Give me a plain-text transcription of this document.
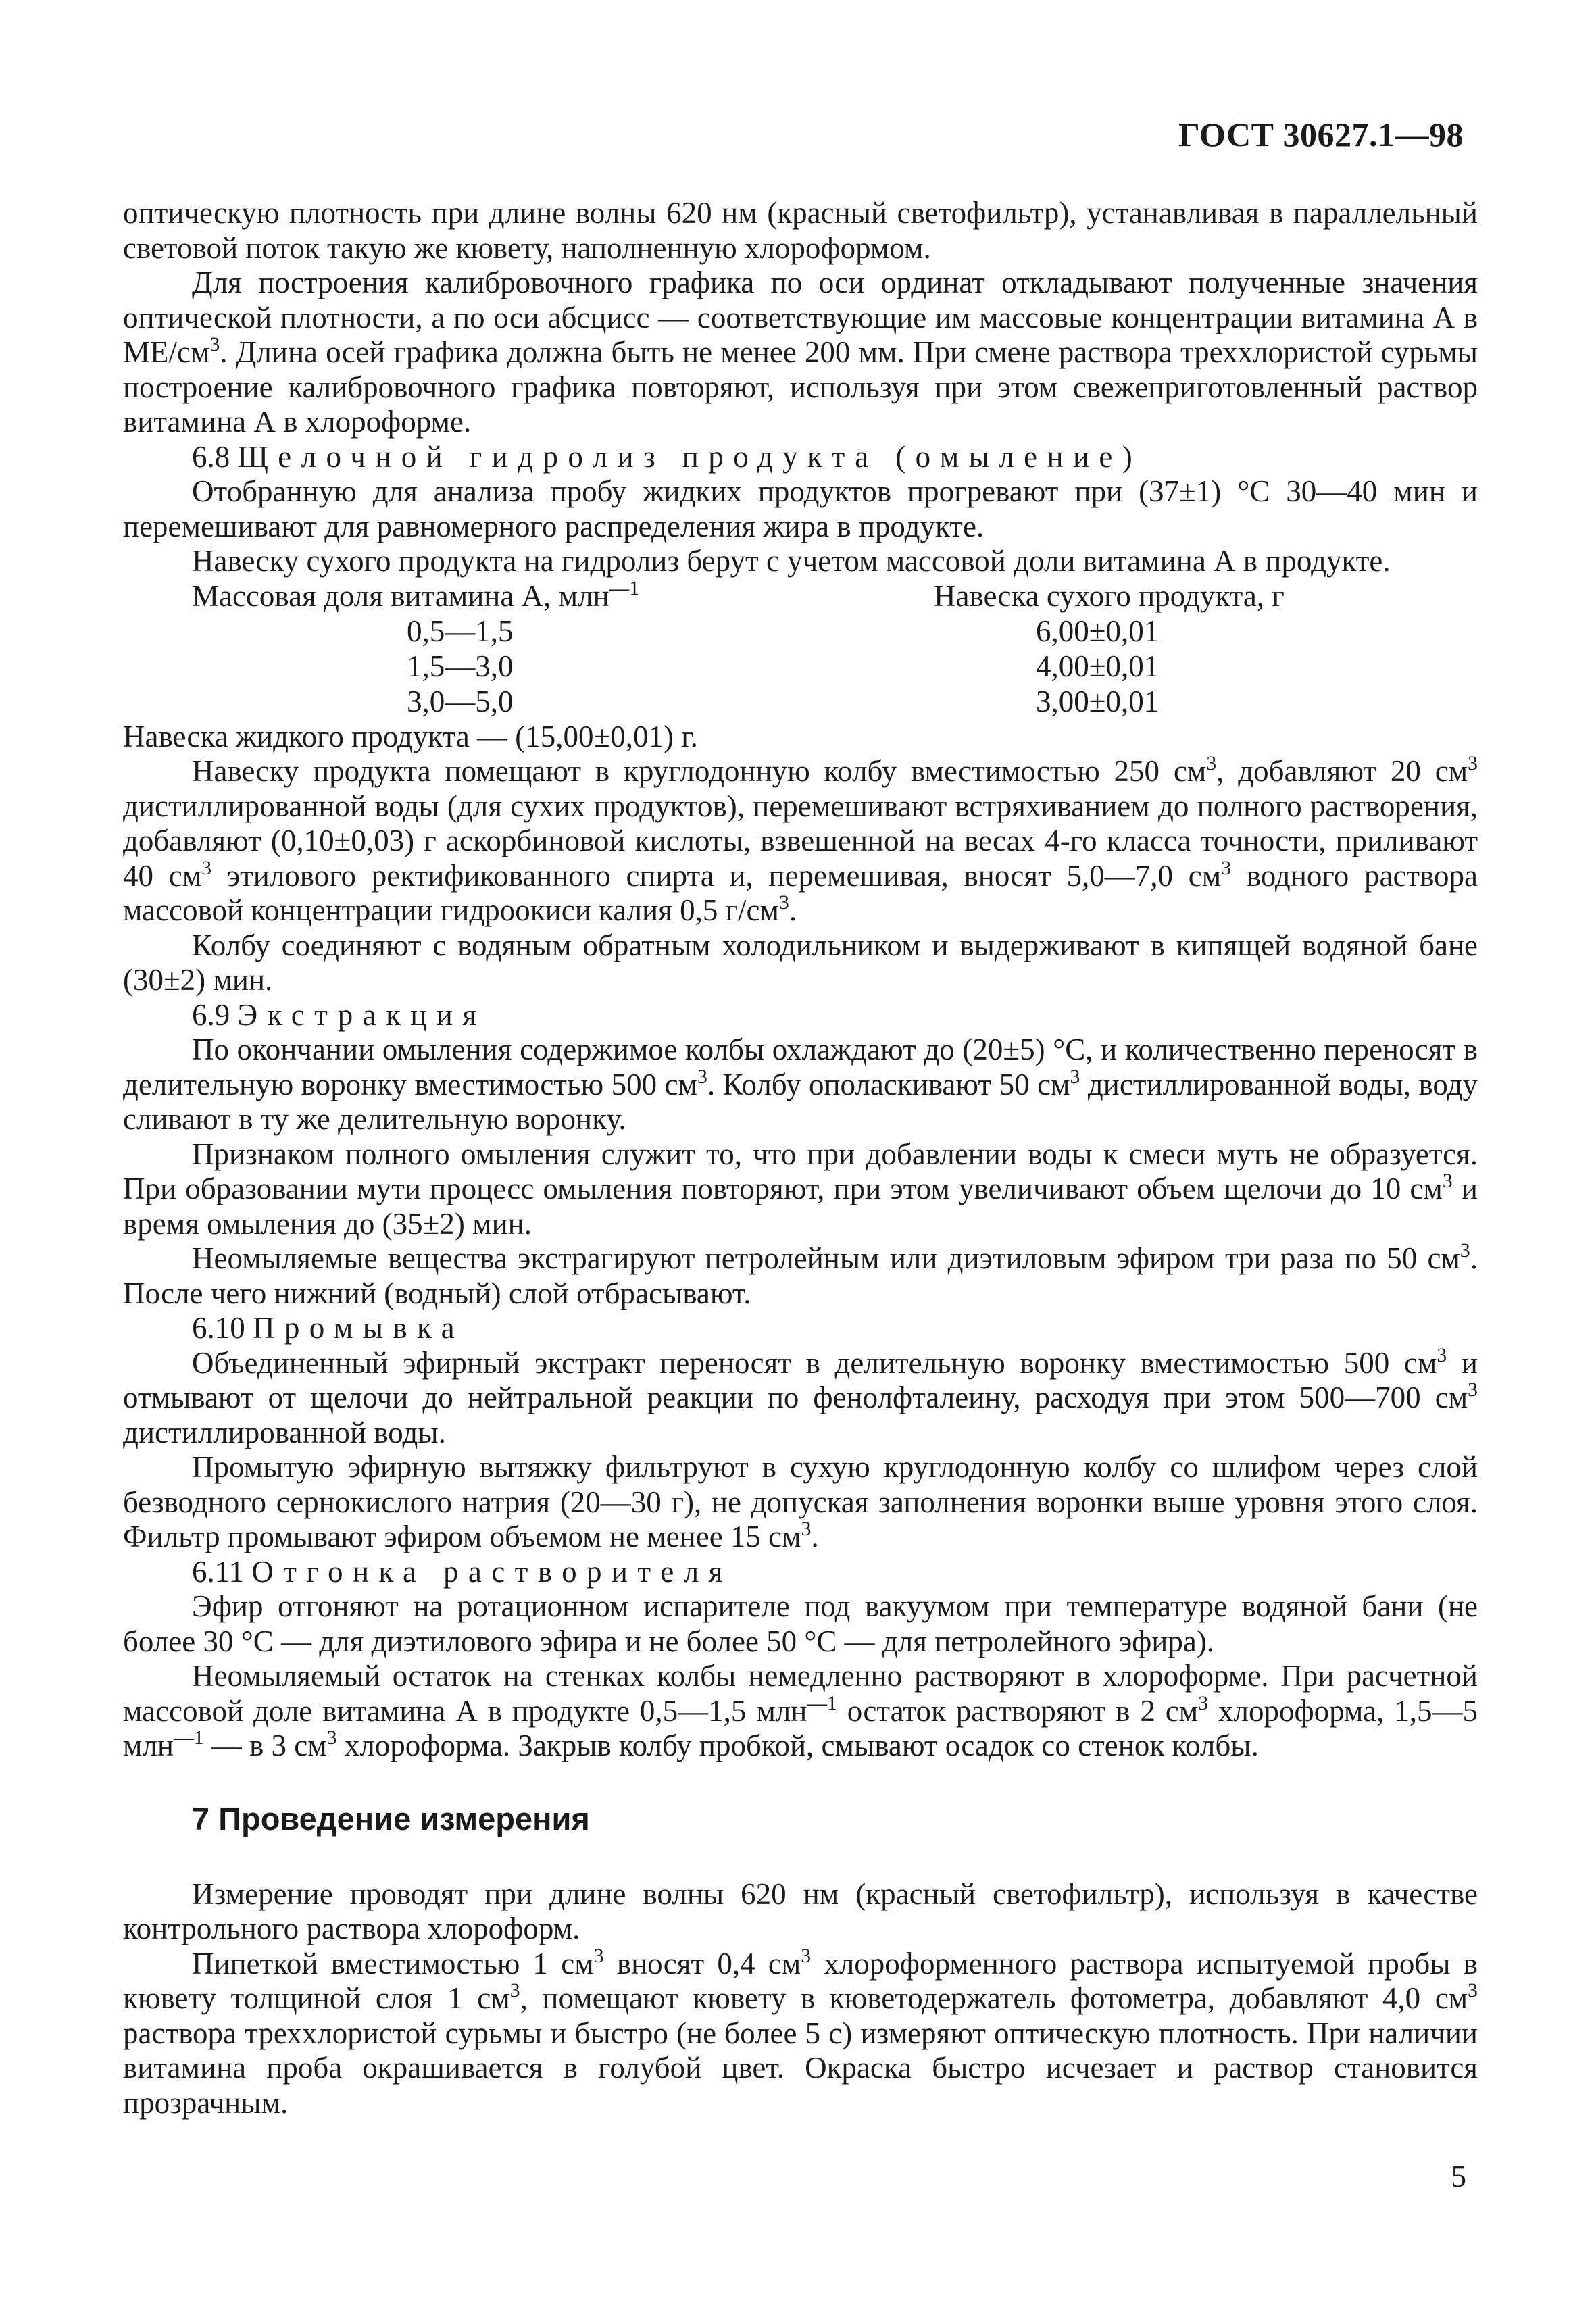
ГОСТ 30627.1—98

оптическую плотность при длине волны 620 нм (красный светофильтр), устанавливая в параллельный световой поток такую же кювету, наполненную хлороформом.

Для построения калибровочного графика по оси ординат откладывают полученные значения оптической плотности, а по оси абсцисс — соответствующие им массовые концентрации витамина А в $МЕ/см^3$. Длина осей графика должна быть не менее 200 мм. При смене раствора треххлористой сурьмы построение калибровочного графика повторяют, используя при этом свежеприготовленный раствор витамина А в хлороформе.

6.8 Щелочной гидролиз продукта (омыление)

Отобранную для анализа пробу жидких продуктов прогревают при (37±1) °С 30—40 мин и перемешивают для равномерного распределения жира в продукте.

Навеску сухого продукта на гидролиз берут с учетом массовой доли витамина А в продукте.

Массовая доля витамина А, млн$^{—1}$	Навеска сухого продукта, г
0,5—1,5	6,00±0,01
1,5—3,0	4,00±0,01
3,0—5,0	3,00±0,01

Навеска жидкого продукта — (15,00±0,01) г.

Навеску продукта помещают в круглодонную колбу вместимостью 250 $см^3$, добавляют 20 $см^3$ дистиллированной воды (для сухих продуктов), перемешивают встряхиванием до полного растворения, добавляют (0,10±0,03) г аскорбиновой кислоты, взвешенной на весах 4-го класса точности, приливают 40 $см^3$ этилового ректификованного спирта и, перемешивая, вносят 5,0—7,0 $см^3$ водного раствора массовой концентрации гидроокиси калия 0,5 $г/см^3$.

Колбу соединяют с водяным обратным холодильником и выдерживают в кипящей водяной бане (30±2) мин.

6.9 Экстракция

По окончании омыления содержимое колбы охлаждают до (20±5) °С, и количественно переносят в делительную воронку вместимостью 500 $см^3$. Колбу ополаскивают 50 $см^3$ дистиллированной воды, воду сливают в ту же делительную воронку.

Признаком полного омыления служит то, что при добавлении воды к смеси муть не образуется. При образовании мути процесс омыления повторяют, при этом увеличивают объем щелочи до 10 $см^3$ и время омыления до (35±2) мин.

Неомыляемые вещества экстрагируют петролейным или диэтиловым эфиром три раза по 50 $см^3$. После чего нижний (водный) слой отбрасывают.

6.10 Промывка

Объединенный эфирный экстракт переносят в делительную воронку вместимостью 500 $см^3$ и отмывают от щелочи до нейтральной реакции по фенолфталеину, расходуя при этом 500—700 $см^3$ дистиллированной воды.

Промытую эфирную вытяжку фильтруют в сухую круглодонную колбу со шлифом через слой безводного сернокислого натрия (20—30 г), не допуская заполнения воронки выше уровня этого слоя. Фильтр промывают эфиром объемом не менее 15 $см^3$.

6.11 Отгонка растворителя

Эфир отгоняют на ротационном испарителе под вакуумом при температуре водяной бани (не более 30 °С — для диэтилового эфира и не более 50 °С — для петролейного эфира).

Неомыляемый остаток на стенках колбы немедленно растворяют в хлороформе. При расчетной массовой доле витамина А в продукте 0,5—1,5 млн$^{—1}$ остаток растворяют в 2 $см^3$ хлороформа, 1,5—5 млн$^{—1}$ — в 3 $см^3$ хлороформа. Закрыв колбу пробкой, смывают осадок со стенок колбы.

7 Проведение измерения

Измерение проводят при длине волны 620 нм (красный светофильтр), используя в качестве контрольного раствора хлороформ.

Пипеткой вместимостью 1 $см^3$ вносят 0,4 $см^3$ хлороформенного раствора испытуемой пробы в кювету толщиной слоя 1 $см^3$, помещают кювету в кюветодержатель фотометра, добавляют 4,0 $см^3$ раствора треххлористой сурьмы и быстро (не более 5 с) измеряют оптическую плотность. При наличии витамина проба окрашивается в голубой цвет. Окраска быстро исчезает и раствор становится прозрачным.

5
